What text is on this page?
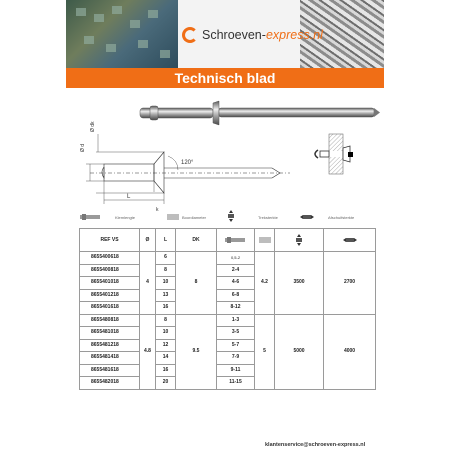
Schroeven-express.nl
Technisch blad
Ø d
Ø dk
120°
k
L
Klemlengte	Boordiameter	Treksterkte	Afschuifsterkte
REF VS	Ø	L	DK				
8655400618	4	6	8	0,5-2	4.2	3500	2700
8655400818		8		2-4			
8655401018		10		4-6			
8655401218		13		6-8			
8655401618		16		8-12			
8655480818	4.8	8	9.5	1-3	5	5000	4000
8655481018		10		3-5			
8655481218		12		5-7			
8655481418		14		7-9			
8655481618		16		9-11			
8655482018		20		11-15			
klantenservice@schroeven-express.nl
